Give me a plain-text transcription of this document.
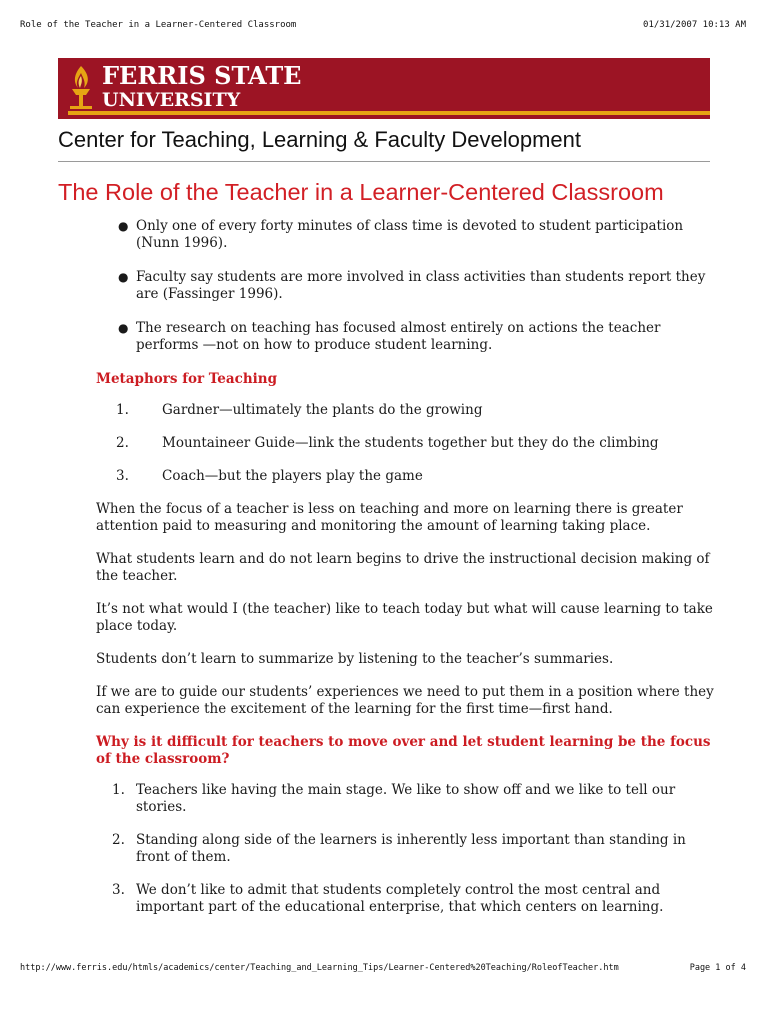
Role of the Teacher in a Learner-Centered Classroom	01/31/2007 10:13 AM
FERRIS STATE
UNIVERSITY
Center for Teaching, Learning & Faculty Development
The Role of the Teacher in a Learner-Centered Classroom
● Only one of every forty minutes of class time is devoted to student participation (Nunn 1996).
● Faculty say students are more involved in class activities than students report they are (Fassinger 1996).
● The research on teaching has focused almost entirely on actions the teacher performs —not on how to produce student learning.
Metaphors for Teaching
1.	Gardner—ultimately the plants do the growing
2.	Mountaineer Guide—link the students together but they do the climbing
3.	Coach—but the players play the game

When the focus of a teacher is less on teaching and more on learning there is greater attention paid to measuring and monitoring the amount of learning taking place.

What students learn and do not learn begins to drive the instructional decision making of the teacher.

It’s not what would I (the teacher) like to teach today but what will cause learning to take place today.

Students don’t learn to summarize by listening to the teacher’s summaries.

If we are to guide our students’ experiences we need to put them in a position where they can experience the excitement of the learning for the first time—first hand.

Why is it difficult for teachers to move over and let student learning be the focus of the classroom?
1. Teachers like having the main stage. We like to show off and we like to tell our stories.
2. Standing along side of the learners is inherently less important than standing in front of them.
3. We don’t like to admit that students completely control the most central and important part of the educational enterprise, that which centers on learning.
http://www.ferris.edu/htmls/academics/center/Teaching_and_Learning_Tips/Learner-Centered%20Teaching/RoleofTeacher.htm	Page 1 of 4
